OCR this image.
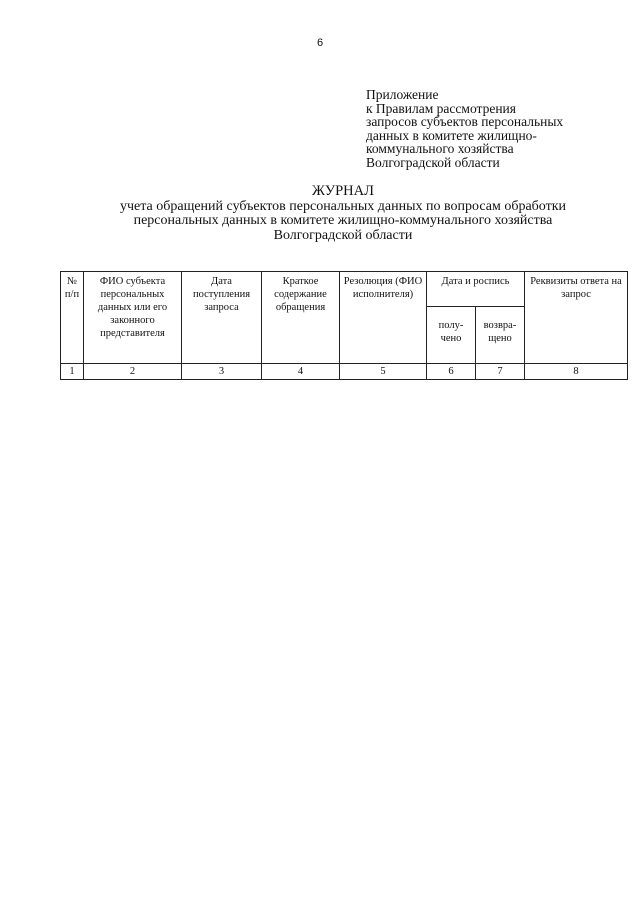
6
Приложение
к Правилам рассмотрения
запросов субъектов персональных
данных в комитете жилищно-
коммунального хозяйства
Волгоградской области
ЖУРНАЛ
учета обращений субъектов персональных данных по вопросам обработки
персональных данных в комитете жилищно-коммунального хозяйства
Волгоградской области
№ п/п	ФИО субъекта персональных данных или его законного представителя	Дата поступления запроса	Краткое содержание обращения	Резолюция (ФИО исполнителя)	Дата и роспись		Реквизиты ответа на запрос
					полу-чено	возвра-щено	
1	2	3	4	5	6	7	8
